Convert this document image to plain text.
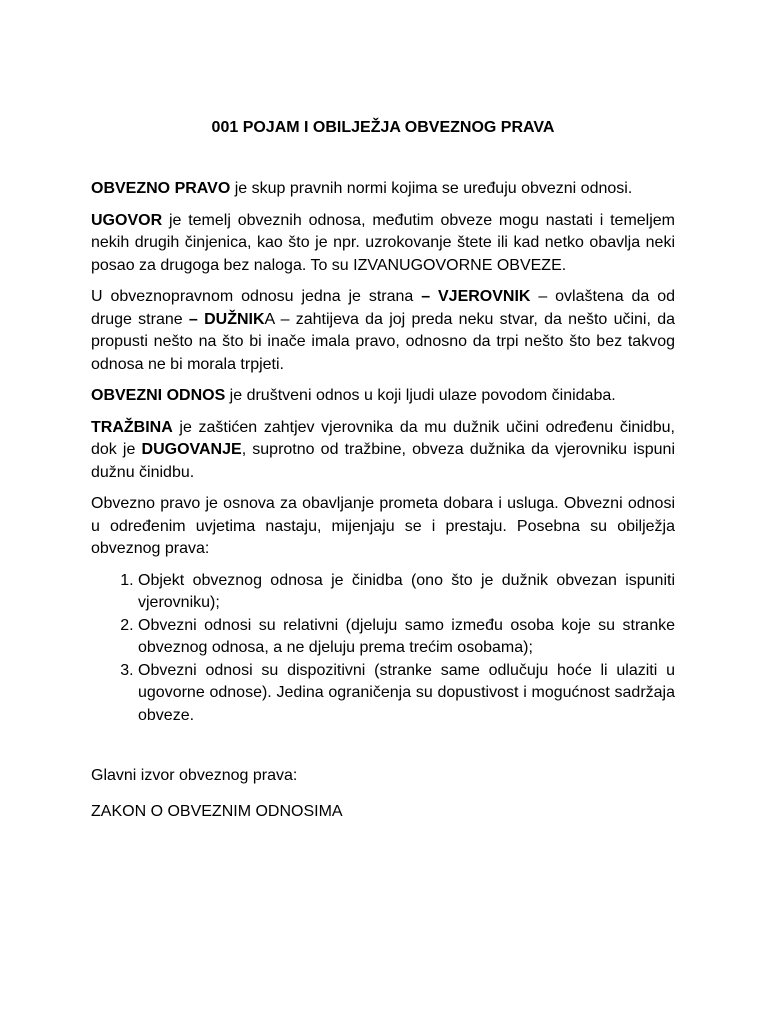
001 POJAM I OBILJEŽJA OBVEZNOG PRAVA

OBVEZNO PRAVO je skup pravnih normi kojima se uređuju obvezni odnosi.

UGOVOR je temelj obveznih odnosa, međutim obveze mogu nastati i temeljem nekih drugih činjenica, kao što je npr. uzrokovanje štete ili kad netko obavlja neki posao za drugoga bez naloga. To su IZVANUGOVORNE OBVEZE.

U obveznopravnom odnosu jedna je strana – VJEROVNIK – ovlaštena da od druge strane – DUŽNIKA – zahtijeva da joj preda neku stvar, da nešto učini, da propusti nešto na što bi inače imala pravo, odnosno da trpi nešto što bez takvog odnosa ne bi morala trpjeti.

OBVEZNI ODNOS je društveni odnos u koji ljudi ulaze povodom činidaba.

TRAŽBINA je zaštićen zahtjev vjerovnika da mu dužnik učini određenu činidbu, dok je DUGOVANJE, suprotno od tražbine, obveza dužnika da vjerovniku ispuni dužnu činidbu.

Obvezno pravo je osnova za obavljanje prometa dobara i usluga. Obvezni odnosi u određenim uvjetima nastaju, mijenjaju se i prestaju. Posebna su obilježja obveznog prava:

1. Objekt obveznog odnosa je činidba (ono što je dužnik obvezan ispuniti vjerovniku);
2. Obvezni odnosi su relativni (djeluju samo između osoba koje su stranke obveznog odnosa, a ne djeluju prema trećim osobama);
3. Obvezni odnosi su dispozitivni (stranke same odlučuju hoće li ulaziti u ugovorne odnose). Jedina ograničenja su dopustivost i mogućnost sadržaja obveze.

Glavni izvor obveznog prava:

ZAKON O OBVEZNIM ODNOSIMA
